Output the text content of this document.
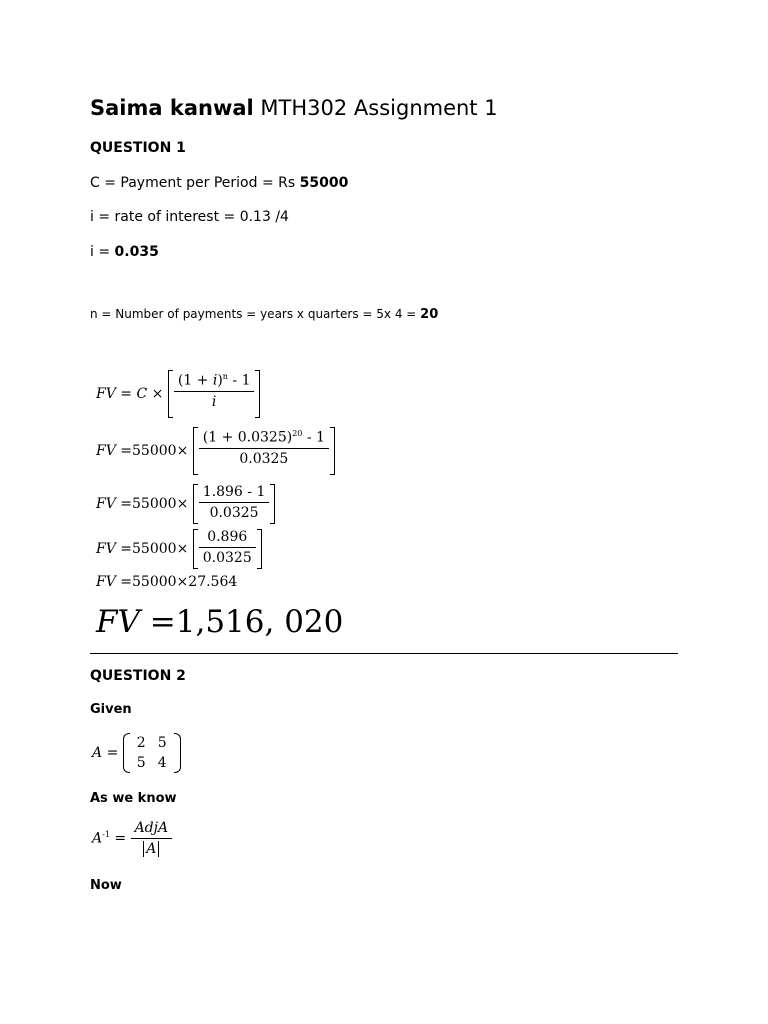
Saima kanwal MTH302 Assignment 1
QUESTION 1
C = Payment per Period = Rs 55000
i = rate of interest = 0.13 /4
i = 0.035
n = Number of payments = years x quarters = 5x 4 = 20
FV = $C \times \frac{(1 + i)^n - 1}{i}$
FV $=55000\times \frac{(1 + 0.0325)^{20} - 1}{0.0325}$
FV $=55000\times \frac{1.896 - 1}{0.0325}$
FV $=55000\times \frac{0.896}{0.0325}$
FV =55000×27.564
FV =1,516, 020
QUESTION 2
Given
A =
2	5
5	4
As we know
$A^{-1} = \frac{\text{AdjA}}{A}$
Now
